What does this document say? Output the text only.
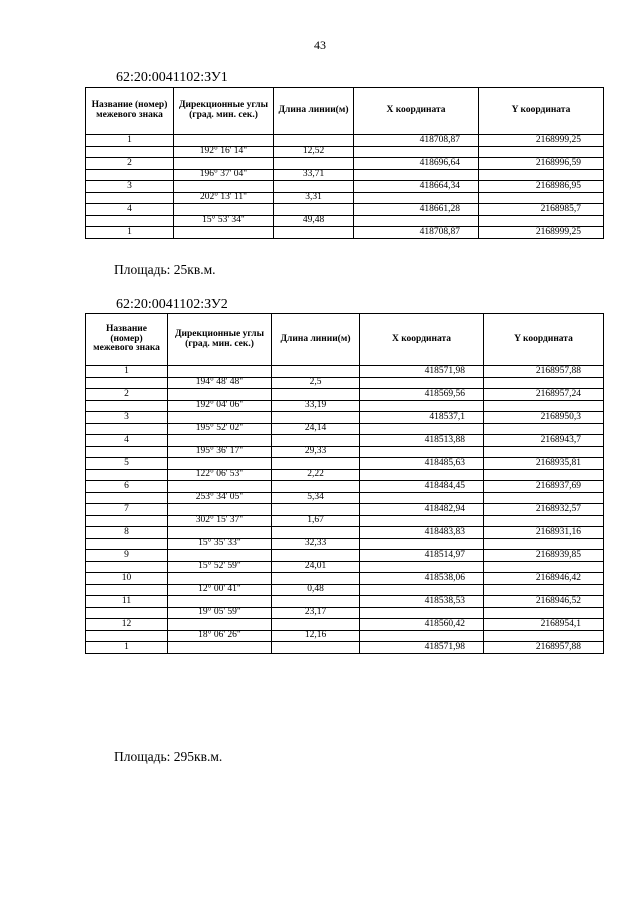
43
62:20:0041102:ЗУ1
Название (номер) межевого знака	Дирекционные углы (град. мин. сек.)	Длина линии(м)	X координата	Y координата
1			418708,87	2168999,25
	192° 16' 14"	12,52		
2			418696,64	2168996,59
	196° 37' 04"	33,71		
3			418664,34	2168986,95
	202° 13' 11"	3,31		
4			418661,28	2168985,7
	15° 53' 34"	49,48		
1			418708,87	2168999,25
Площадь: 25кв.м.
62:20:0041102:ЗУ2
Название (номер) межевого знака	Дирекционные углы (град. мин. сек.)	Длина линии(м)	X координата	Y координата
1			418571,98	2168957,88
	194° 48' 48"	2,5		
2			418569,56	2168957,24
	192° 04' 06"	33,19		
3			418537,1	2168950,3
	195° 52' 02"	24,14		
4			418513,88	2168943,7
	195° 36' 17"	29,33		
5			418485,63	2168935,81
	122° 06' 53"	2,22		
6			418484,45	2168937,69
	253° 34' 05"	5,34		
7			418482,94	2168932,57
	302° 15' 37"	1,67		
8			418483,83	2168931,16
	15° 35' 33"	32,33		
9			418514,97	2168939,85
	15° 52' 59"	24,01		
10			418538,06	2168946,42
	12° 00' 41"	0,48		
11			418538,53	2168946,52
	19° 05' 59"	23,17		
12			418560,42	2168954,1
	18° 06' 26"	12,16		
1			418571,98	2168957,88
Площадь: 295кв.м.
